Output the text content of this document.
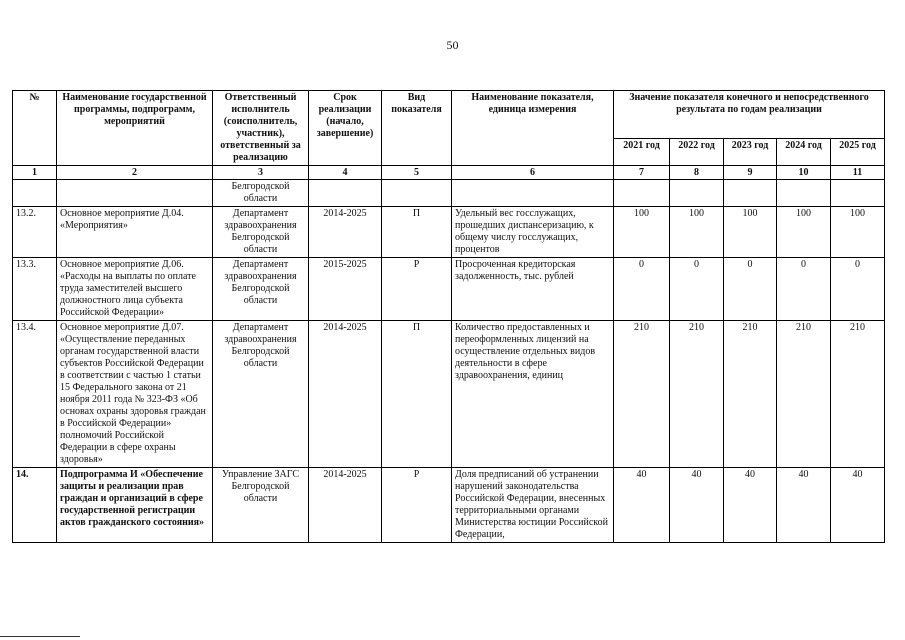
50
№	Наименование государственной программы, подпрограмм, мероприятий	Ответственный исполнитель (соисполнитель, участник), ответственный за реализацию	Срок реализации (начало, завершение)	Вид показателя	Наименование показателя, единица измерения	Значение показателя конечного и непосредственного результата по годам реализации				
						2021 год	2022 год	2023 год	2024 год	2025 год
1	2	3	4	5	6	7	8	9	10	11
		Белгородской области								
13.2.	Основное мероприятие Д.04. «Мероприятия»	Департамент здравоохранения Белгородской области	2014-2025	П	Удельный вес госслужащих, прошедших диспансеризацию, к общему числу госслужащих, процентов	100	100	100	100	100
13.3.	Основное мероприятие Д.06. «Расходы на выплаты по оплате труда заместителей высшего должностного лица субъекта Российской Федерации»	Департамент здравоохранения Белгородской области	2015-2025	Р	Просроченная кредиторская задолженность, тыс. рублей	0	0	0	0	0
13.4.	Основное мероприятие Д.07. «Осуществление переданных органам государственной власти субъектов Российской Федерации в соответствии с частью 1 статьи 15 Федерального закона от 21 ноября 2011 года № 323-ФЗ «Об основах охраны здоровья граждан в Российской Федерации» полномочий Российской Федерации в сфере охраны здоровья»	Департамент здравоохранения Белгородской области	2014-2025	П	Количество предоставленных и переоформленных лицензий на осуществление отдельных видов деятельности в сфере здравоохранения, единиц	210	210	210	210	210
14.	Подпрограмма И «Обеспечение защиты и реализации прав граждан и организаций в сфере государственной регистрации актов гражданского состояния»	Управление ЗАГС Белгородской области	2014-2025	Р	Доля предписаний об устранении нарушений законодательства Российской Федерации, внесенных территориальными органами Министерства юстиции Российской Федерации,	40	40	40	40	40
